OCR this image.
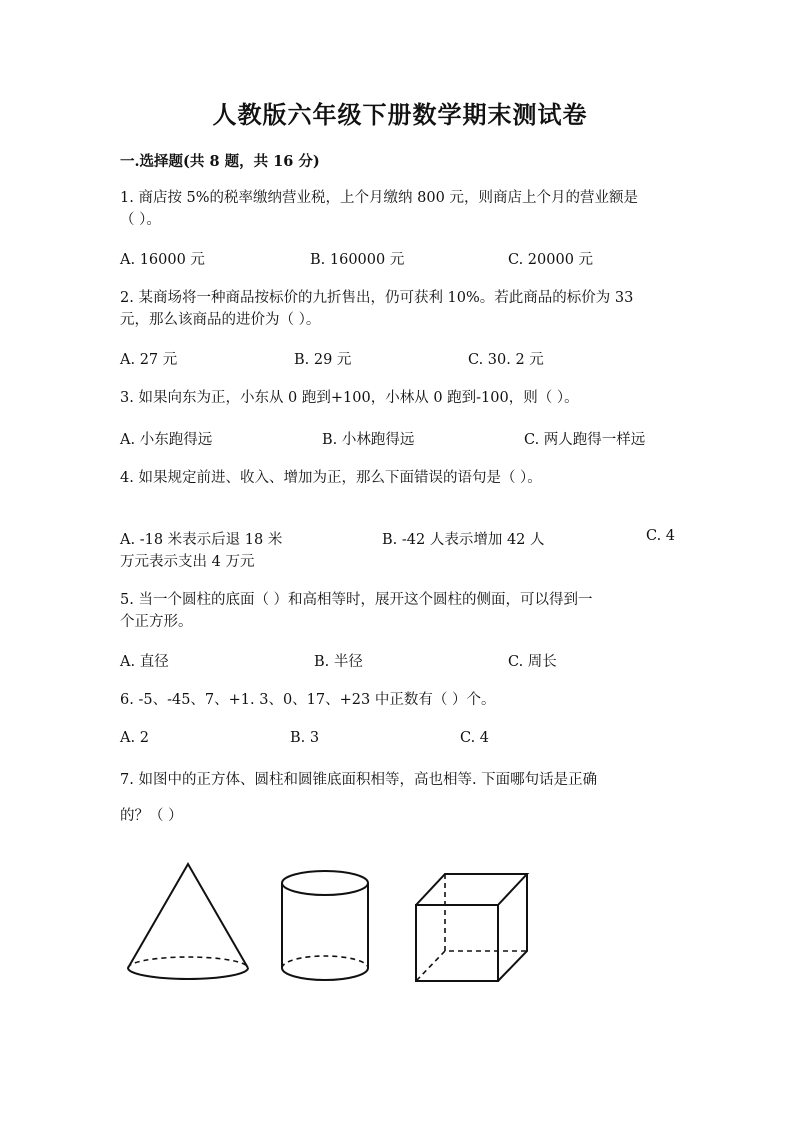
人教版六年级下册数学期末测试卷
一.选择题(共 8 题，共 16 分)
1. 商店按 5%的税率缴纳营业税，上个月缴纳 800 元，则商店上个月的营业额是
（ ）。
A. 16000 元	B. 160000 元	C. 20000 元
2. 某商场将一种商品按标价的九折售出，仍可获利 10%。若此商品的标价为 33
元，那么该商品的进价为（ ）。
A. 27 元	B. 29 元	C. 30. 2 元
3. 如果向东为正，小东从 0 跑到+100，小林从 0 跑到-100，则（ ）。
A. 小东跑得远	B. 小林跑得远	C. 两人跑得一样远
4. 如果规定前进、收入、增加为正，那么下面错误的语句是（ ）。
A. -18 米表示后退 18 米	B. -42 人表示增加 42 人	C. 4
万元表示支出 4 万元
5. 当一个圆柱的底面（ ）和高相等时，展开这个圆柱的侧面，可以得到一
个正方形。
A. 直径	B. 半径	C. 周长
6. -5、-45、7、+1. 3、0、17、+23 中正数有（ ）个。
A. 2	B. 3	C. 4
7. 如图中的正方体、圆柱和圆锥底面积相等，高也相等. 下面哪句话是正确
的？（ ）
